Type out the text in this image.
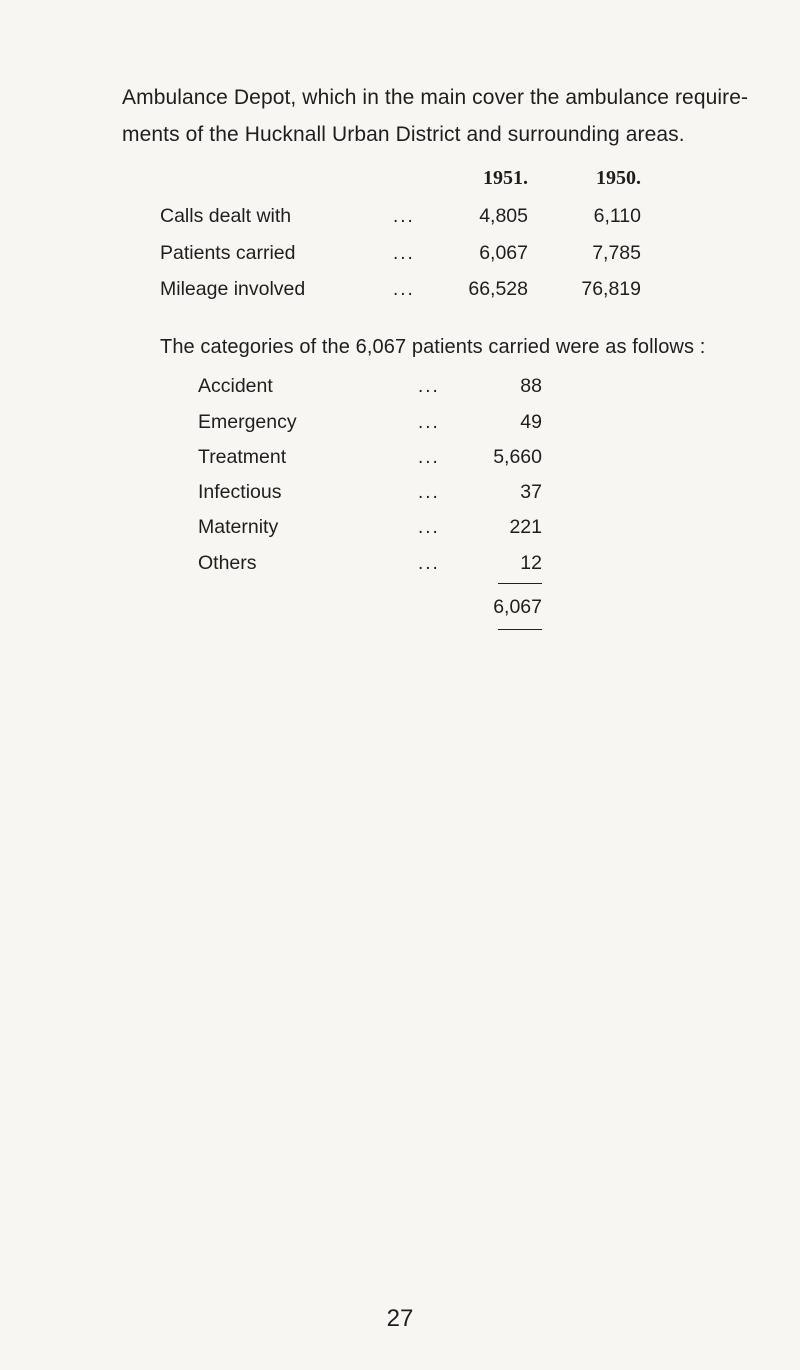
Ambulance Depot, which in the main cover the ambulance require-
ments of the Hucknall Urban District and surrounding areas.
1951.	1950.
Calls dealt with	...	4,805	6,110
Patients carried	...	6,067	7,785
Mileage involved	...	66,528	76,819
The categories of the 6,067 patients carried were as follows :
Accident	...	88
Emergency	...	49
Treatment	...	5,660
Infectious	...	37
Maternity	...	221
Others	...	12
6,067
27
